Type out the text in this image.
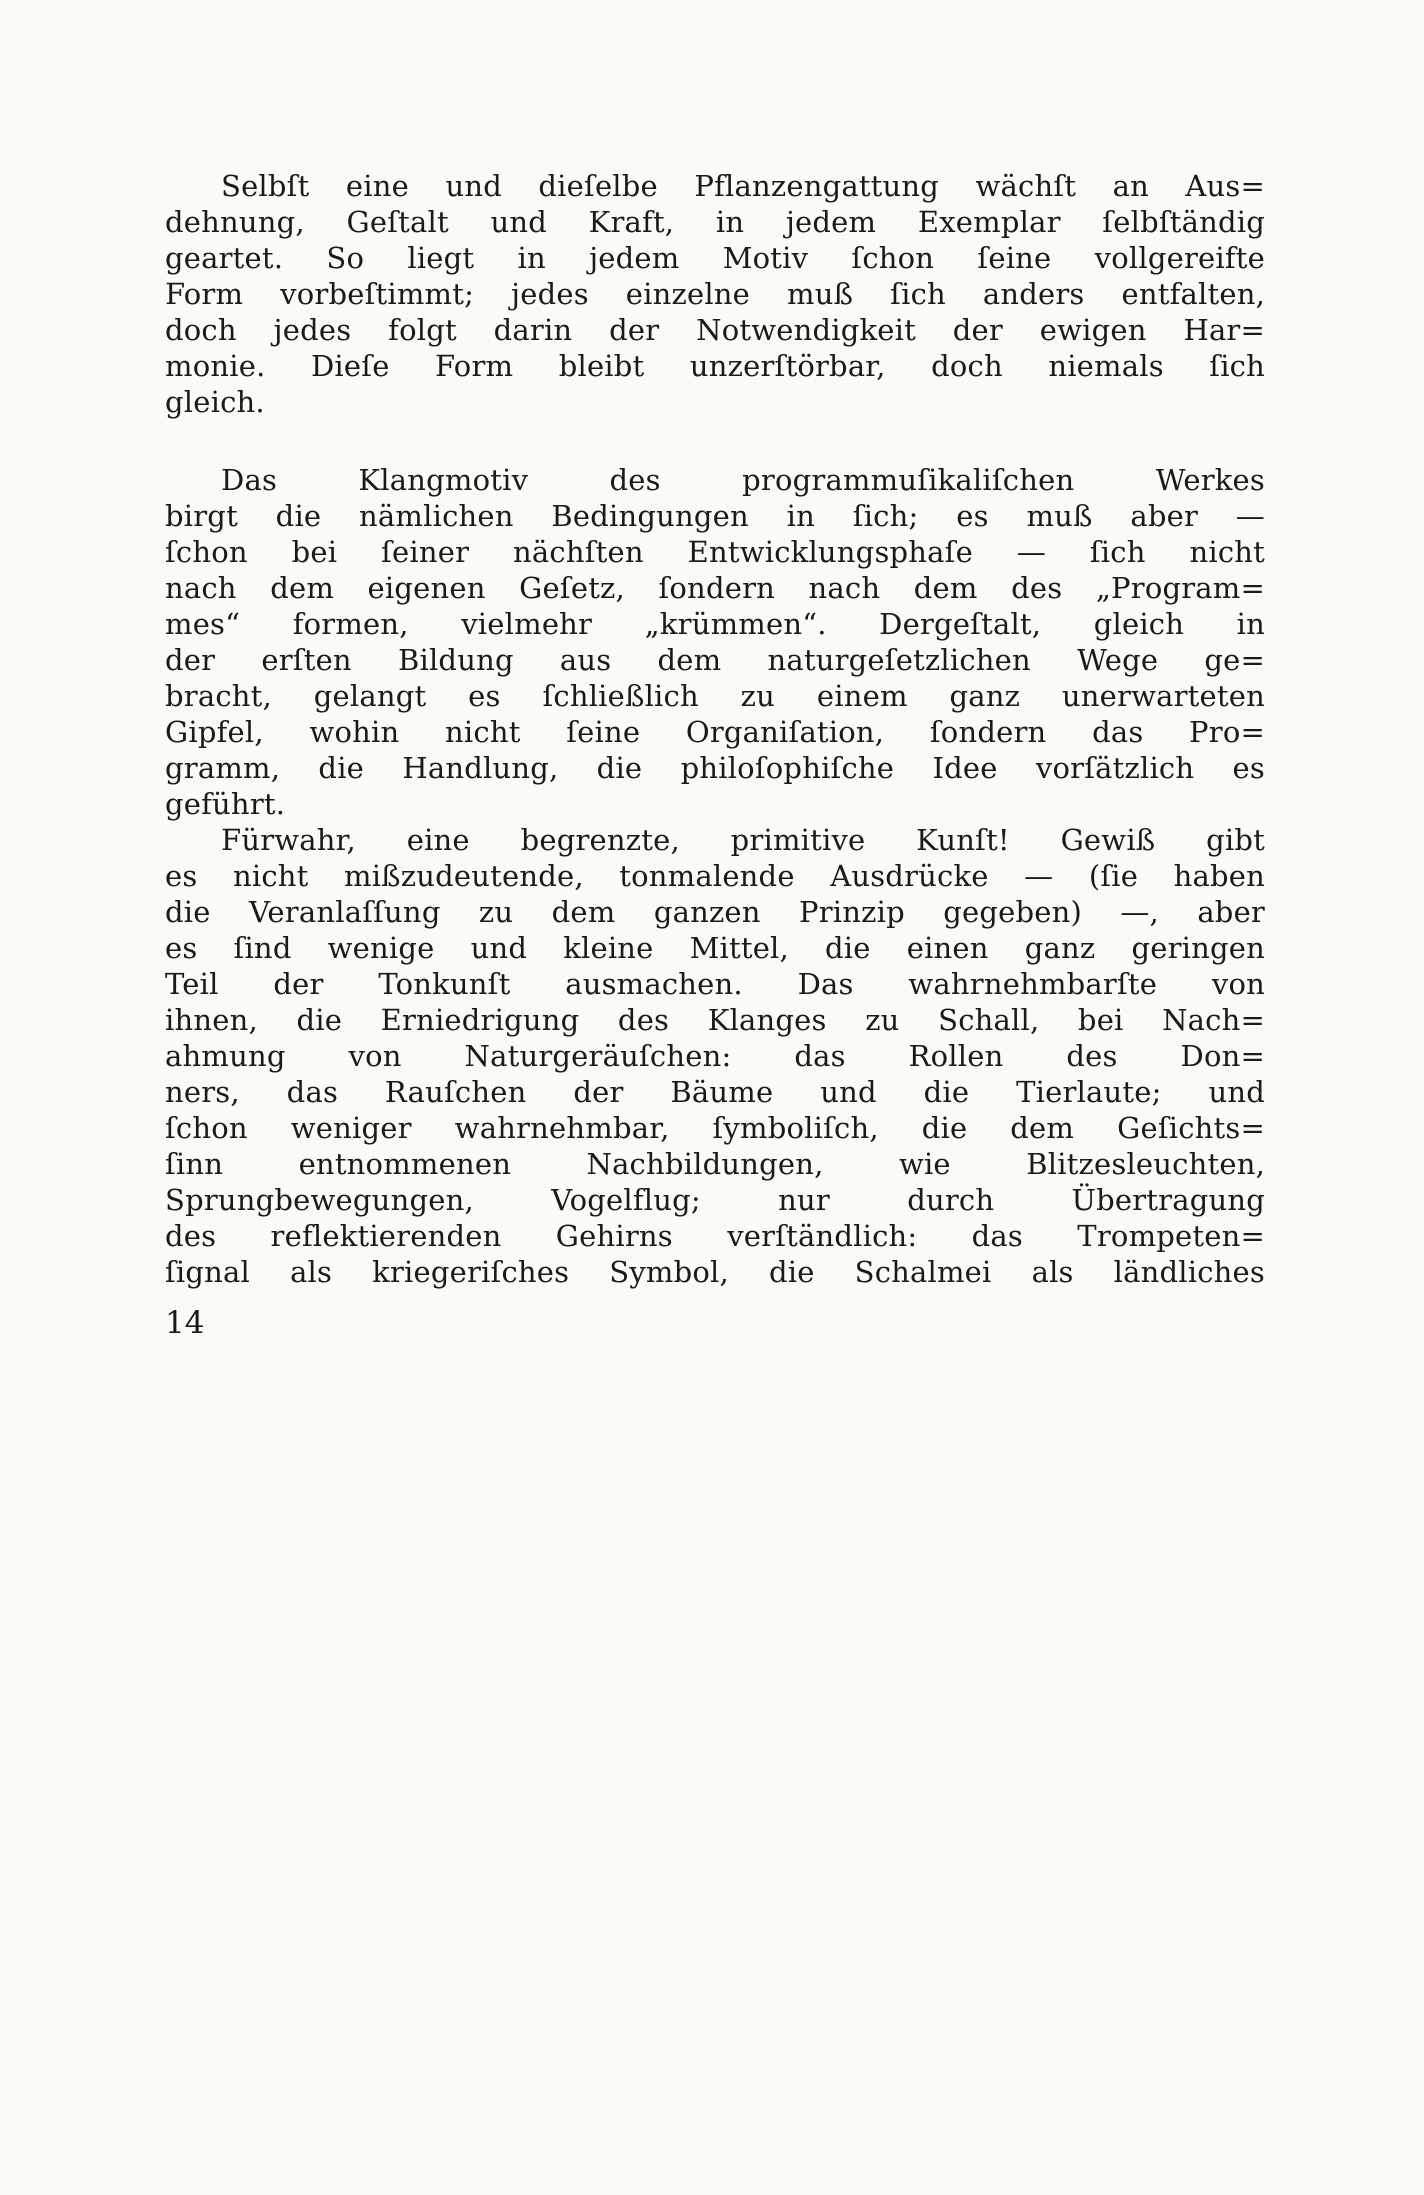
Selbſt eine und dieſelbe Pflanzengattung wächſt an Aus=
dehnung, Geſtalt und Kraft, in jedem Exemplar ſelbſtändig
geartet. So liegt in jedem Motiv ſchon ſeine vollgereifte
Form vorbeſtimmt; jedes einzelne muß ſich anders entfalten,
doch jedes folgt darin der Notwendigkeit der ewigen Har=
monie. Dieſe Form bleibt unzerſtörbar, doch niemals ſich
gleich.
Das Klangmotiv des programmuſikaliſchen Werkes
birgt die nämlichen Bedingungen in ſich; es muß aber —
ſchon bei ſeiner nächſten Entwicklungsphaſe — ſich nicht
nach dem eigenen Geſetz, ſondern nach dem des „Program=
mes“ formen, vielmehr „krümmen“. Dergeſtalt, gleich in
der erſten Bildung aus dem naturgeſetzlichen Wege ge=
bracht, gelangt es ſchließlich zu einem ganz unerwarteten
Gipfel, wohin nicht ſeine Organiſation, ſondern das Pro=
gramm, die Handlung, die philoſophiſche Idee vorſätzlich es
geführt.
Fürwahr, eine begrenzte, primitive Kunſt! Gewiß gibt
es nicht mißzudeutende, tonmalende Ausdrücke — (ſie haben
die Veranlaſſung zu dem ganzen Prinzip gegeben) —, aber
es ſind wenige und kleine Mittel, die einen ganz geringen
Teil der Tonkunſt ausmachen. Das wahrnehmbarſte von
ihnen, die Erniedrigung des Klanges zu Schall, bei Nach=
ahmung von Naturgeräuſchen: das Rollen des Don=
ners, das Rauſchen der Bäume und die Tierlaute; und
ſchon weniger wahrnehmbar, ſymboliſch, die dem Geſichts=
ſinn entnommenen Nachbildungen, wie Blitzesleuchten,
Sprungbewegungen, Vogelflug; nur durch Übertragung
des reflektierenden Gehirns verſtändlich: das Trompeten=
ſignal als kriegeriſches Symbol, die Schalmei als ländliches
14
